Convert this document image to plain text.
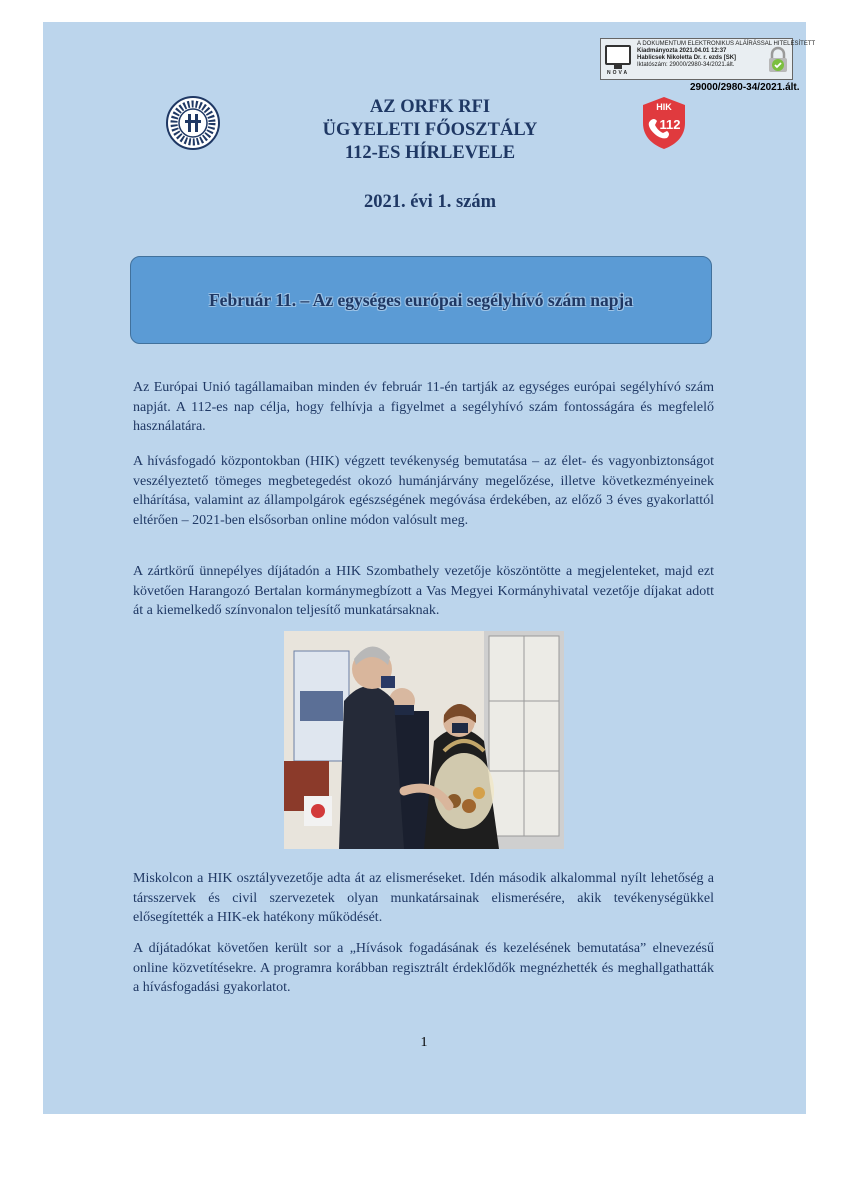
NOVA
A DOKUMENTUM ELEKTRONIKUS ALÁÍRÁSSAL HITELESÍTETT
Kiadmányozta 2021.04.01 12:37
Hablicsek Nikoletta Dr. r. ezds [SK]
Iktatószám: 29000/2980-34/2021.ált.
29000/2980-34/2021.ált.
HIK
112
AZ ORFK RFI
ÜGYELETI FŐOSZTÁLY
112-ES HÍRLEVELE
2021. évi 1. szám
Február 11. – Az egységes európai segélyhívó szám napja

Az Európai Unió tagállamaiban minden év február 11-én tartják az egységes európai segélyhívó szám napját. A 112-es nap célja, hogy felhívja a figyelmet a segélyhívó szám fontosságára és megfelelő használatára.

A hívásfogadó központokban (HIK) végzett tevékenység bemutatása – az élet- és vagyonbiztonságot veszélyeztető tömeges megbetegedést okozó humánjárvány megelőzése, illetve következményeinek elhárítása, valamint az állampolgárok egészségének megóvása érdekében, az előző 3 éves gyakorlattól eltérően – 2021-ben elsősorban online módon valósult meg.

A zártkörű ünnepélyes díjátadón a HIK Szombathely vezetője köszöntötte a megjelenteket, majd ezt követően Harangozó Bertalan kormánymegbízott a Vas Megyei Kormányhivatal vezetője díjakat adott át a kiemelkedő színvonalon teljesítő munkatársaknak.

Miskolcon a HIK osztályvezetője adta át az elismeréseket. Idén második alkalommal nyílt lehetőség a társszervek és civil szervezetek olyan munkatársainak elismerésére, akik tevékenységükkel elősegítették a HIK-ek hatékony működését.

A díjátadókat követően került sor a „Hívások fogadásának és kezelésének bemutatása” elnevezésű online közvetítésekre. A programra korábban regisztrált érdeklődők megnézhették és meghallgathatták a hívásfogadási gyakorlatot.

1
